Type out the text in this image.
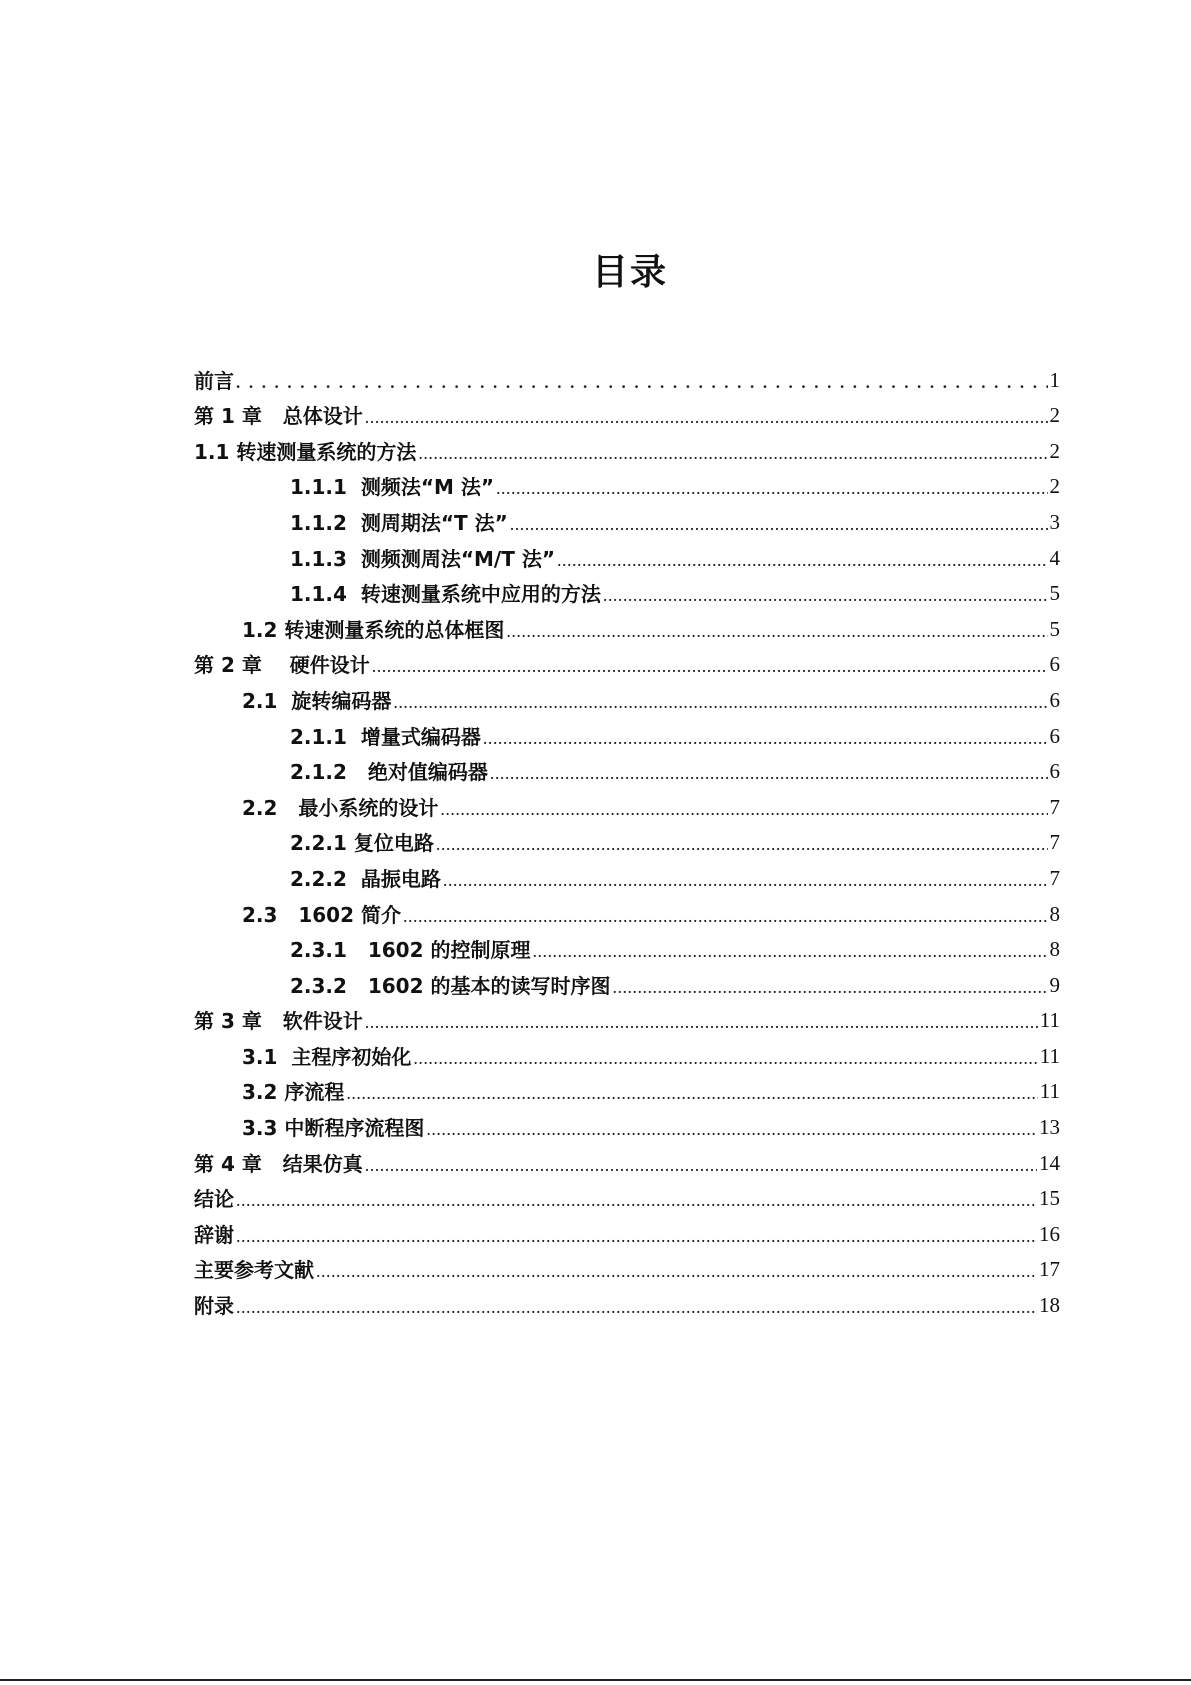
目录
前言 .....	1
第 1 章   总体设计 .....	2
1.1 转速测量系统的方法 .....	2
1.1.1  测频法“M 法” .....	2
1.1.2  测周期法“T 法” .....	3
1.1.3  测频测周法“M/T 法” .....	4
1.1.4  转速测量系统中应用的方法 .....	5
1.2 转速测量系统的总体框图 .....	5
第 2 章    硬件设计 .....	6
2.1  旋转编码器 .....	6
2.1.1  增量式编码器 .....	6
2.1.2   绝对值编码器 .....	6
2.2   最小系统的设计 .....	7
2.2.1 复位电路 .....	7
2.2.2  晶振电路 .....	7
2.3   1602 简介 .....	8
2.3.1   1602 的控制原理 .....	8
2.3.2   1602 的基本的读写时序图 .....	9
第 3 章   软件设计 .....	11
3.1  主程序初始化 .....	11
3.2 序流程 .....	11
3.3 中断程序流程图 .....	13
第 4 章   结果仿真 .....	14
结论 .....	15
辞谢 .....	16
主要参考文献 .....	17
附录 .....	18
